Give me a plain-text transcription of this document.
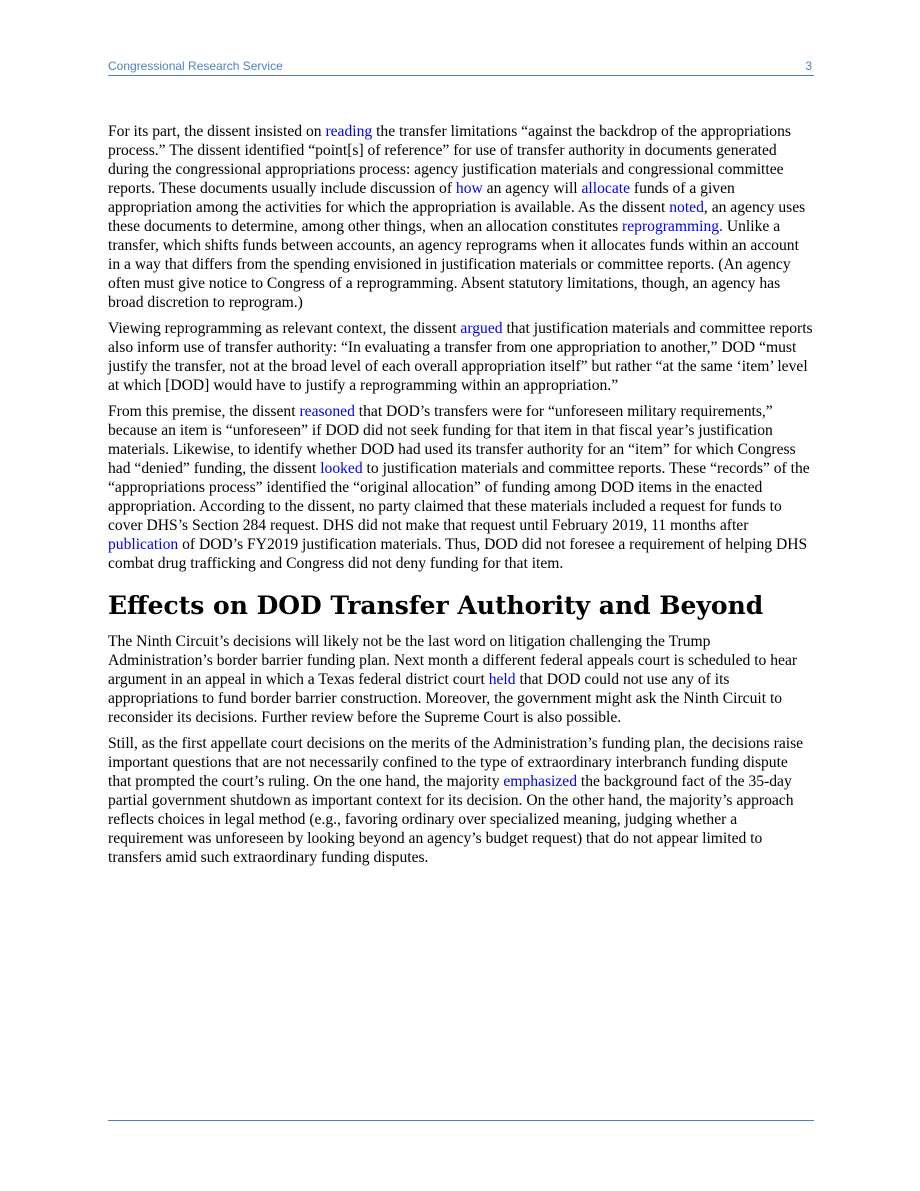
Congressional Research Service	3

For its part, the dissent insisted on reading the transfer limitations “against the backdrop of the appropriations process.” The dissent identified “point[s] of reference” for use of transfer authority in documents generated during the congressional appropriations process: agency justification materials and congressional committee reports. These documents usually include discussion of how an agency will allocate funds of a given appropriation among the activities for which the appropriation is available. As the dissent noted, an agency uses these documents to determine, among other things, when an allocation constitutes reprogramming. Unlike a transfer, which shifts funds between accounts, an agency reprograms when it allocates funds within an account in a way that differs from the spending envisioned in justification materials or committee reports. (An agency often must give notice to Congress of a reprogramming. Absent statutory limitations, though, an agency has broad discretion to reprogram.)

Viewing reprogramming as relevant context, the dissent argued that justification materials and committee reports also inform use of transfer authority: “In evaluating a transfer from one appropriation to another,” DOD “must justify the transfer, not at the broad level of each overall appropriation itself” but rather “at the same ‘item’ level at which [DOD] would have to justify a reprogramming within an appropriation.”

From this premise, the dissent reasoned that DOD’s transfers were for “unforeseen military requirements,” because an item is “unforeseen” if DOD did not seek funding for that item in that fiscal year’s justification materials. Likewise, to identify whether DOD had used its transfer authority for an “item” for which Congress had “denied” funding, the dissent looked to justification materials and committee reports. These “records” of the “appropriations process” identified the “original allocation” of funding among DOD items in the enacted appropriation. According to the dissent, no party claimed that these materials included a request for funds to cover DHS’s Section 284 request. DHS did not make that request until February 2019, 11 months after publication of DOD’s FY2019 justification materials. Thus, DOD did not foresee a requirement of helping DHS combat drug trafficking and Congress did not deny funding for that item.

Effects on DOD Transfer Authority and Beyond

The Ninth Circuit’s decisions will likely not be the last word on litigation challenging the Trump Administration’s border barrier funding plan. Next month a different federal appeals court is scheduled to hear argument in an appeal in which a Texas federal district court held that DOD could not use any of its appropriations to fund border barrier construction. Moreover, the government might ask the Ninth Circuit to reconsider its decisions. Further review before the Supreme Court is also possible.

Still, as the first appellate court decisions on the merits of the Administration’s funding plan, the decisions raise important questions that are not necessarily confined to the type of extraordinary interbranch funding dispute that prompted the court’s ruling. On the one hand, the majority emphasized the background fact of the 35-day partial government shutdown as important context for its decision. On the other hand, the majority’s approach reflects choices in legal method (e.g., favoring ordinary over specialized meaning, judging whether a requirement was unforeseen by looking beyond an agency’s budget request) that do not appear limited to transfers amid such extraordinary funding disputes.
